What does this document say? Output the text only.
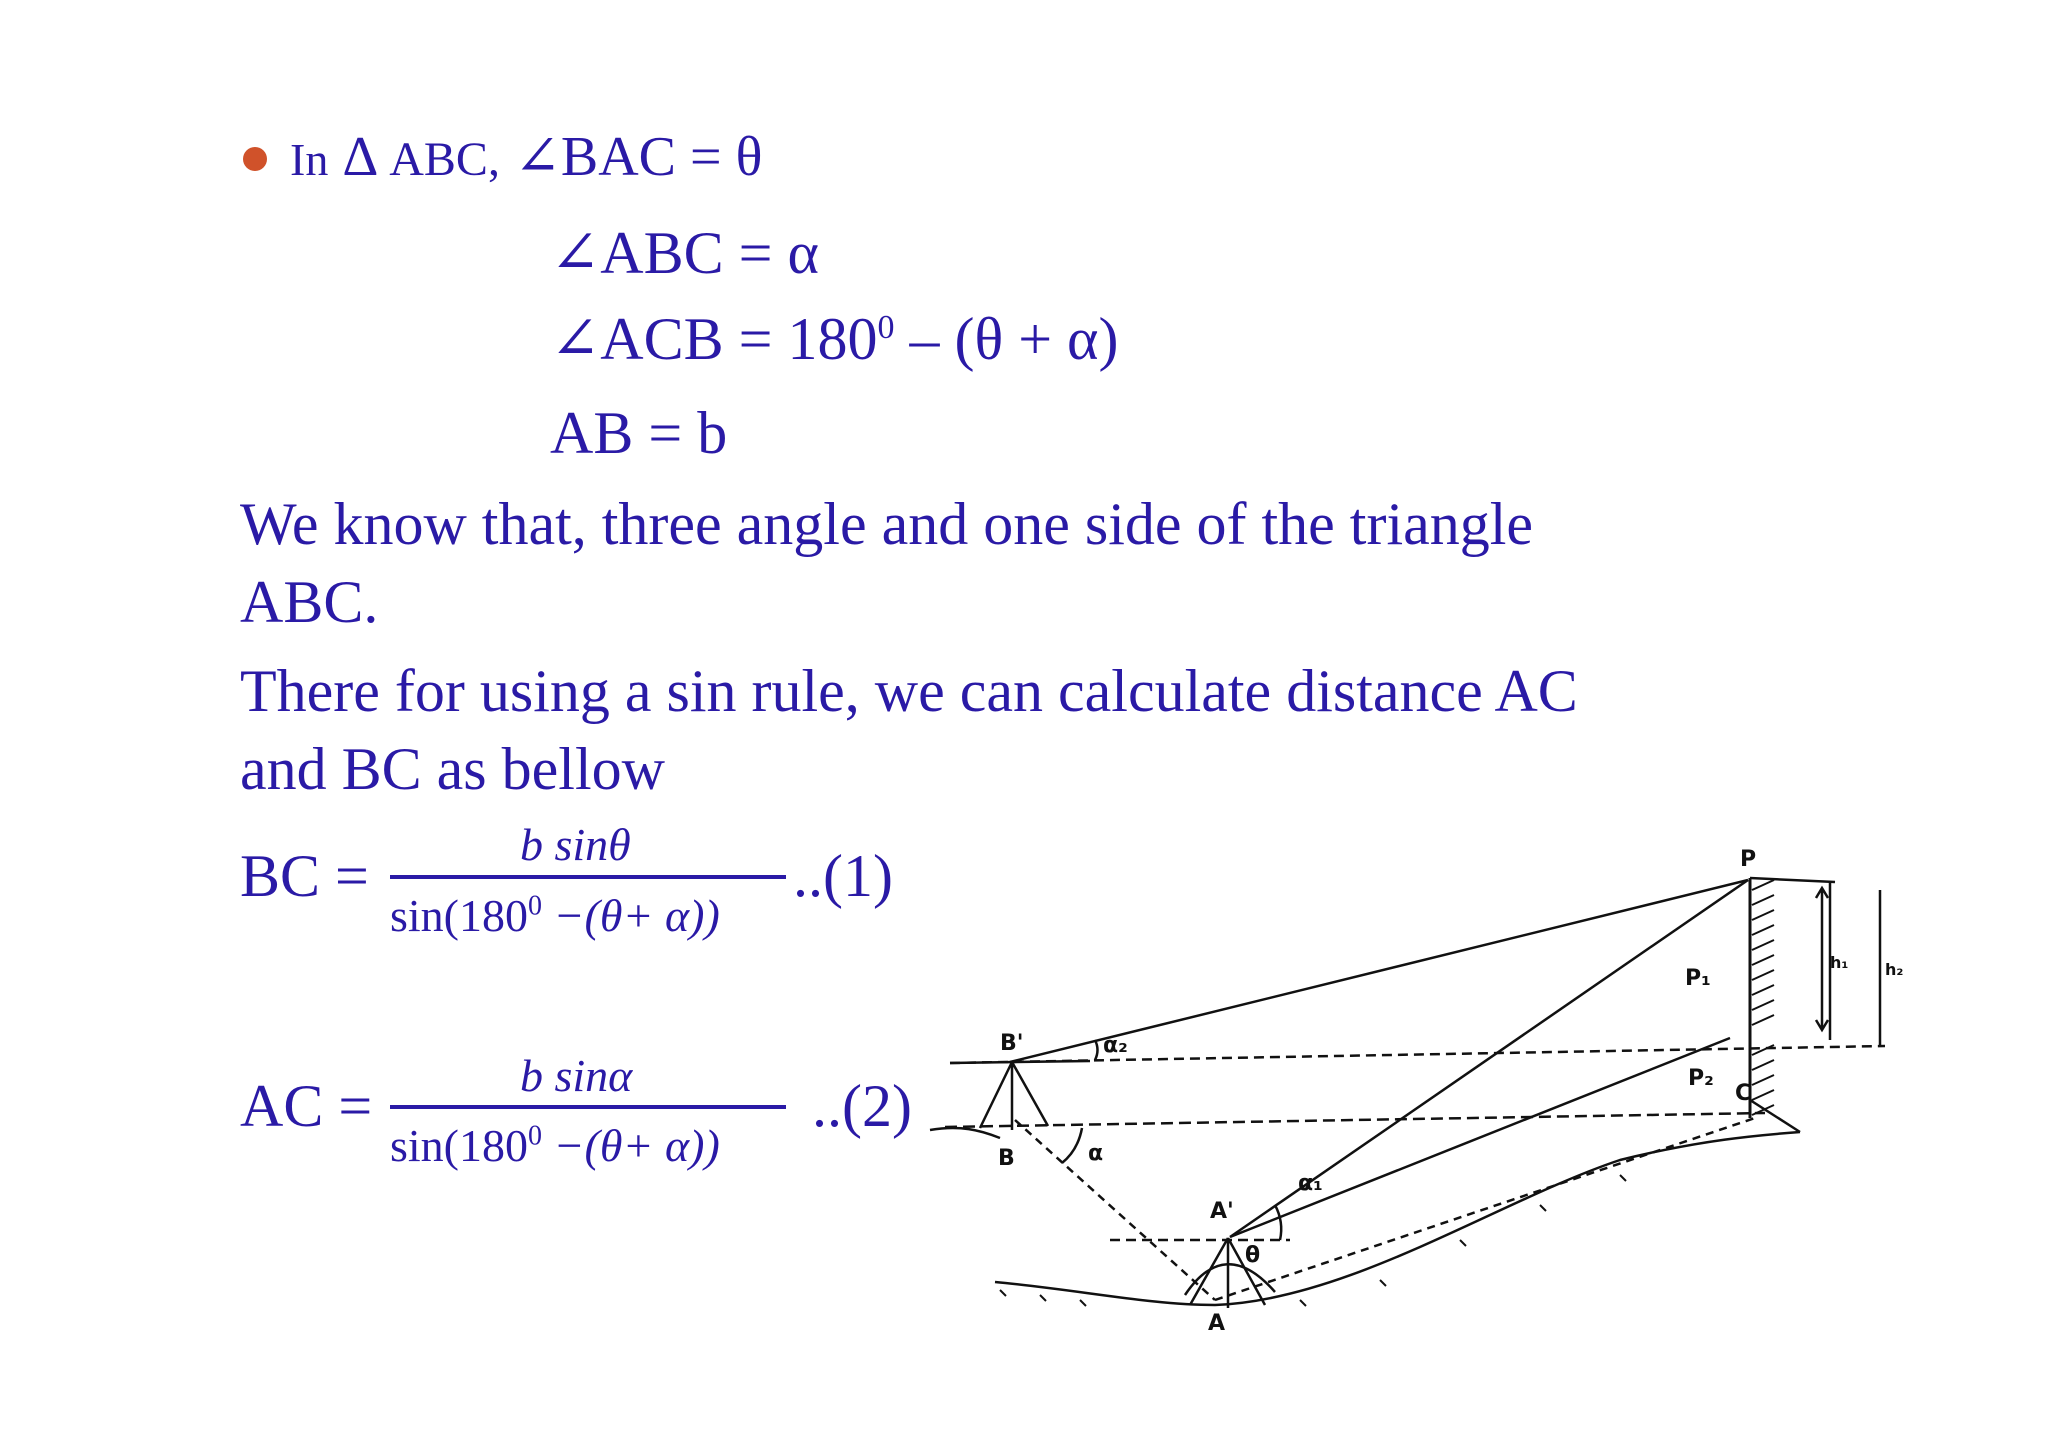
In Δ ABC, ∠BAC = θ
∠ABC = α
∠ACB = $180^0 - (\theta + \alpha)$
AB = b
We know that, three angle and one side of the triangle
ABC.
There for using a sin rule, we can calculate distance AC
and BC as bellow
BC =	b sinθ
$\sin(180^0 -(\theta+ \alpha))$
..(1)
AC =	b sinα
$\sin(180^0 -(\theta+ \alpha))$
..(2)
P
P₁
P₂
C
B'
B
A'
A
α₂
α₁
α
θ
h₁ h₂
